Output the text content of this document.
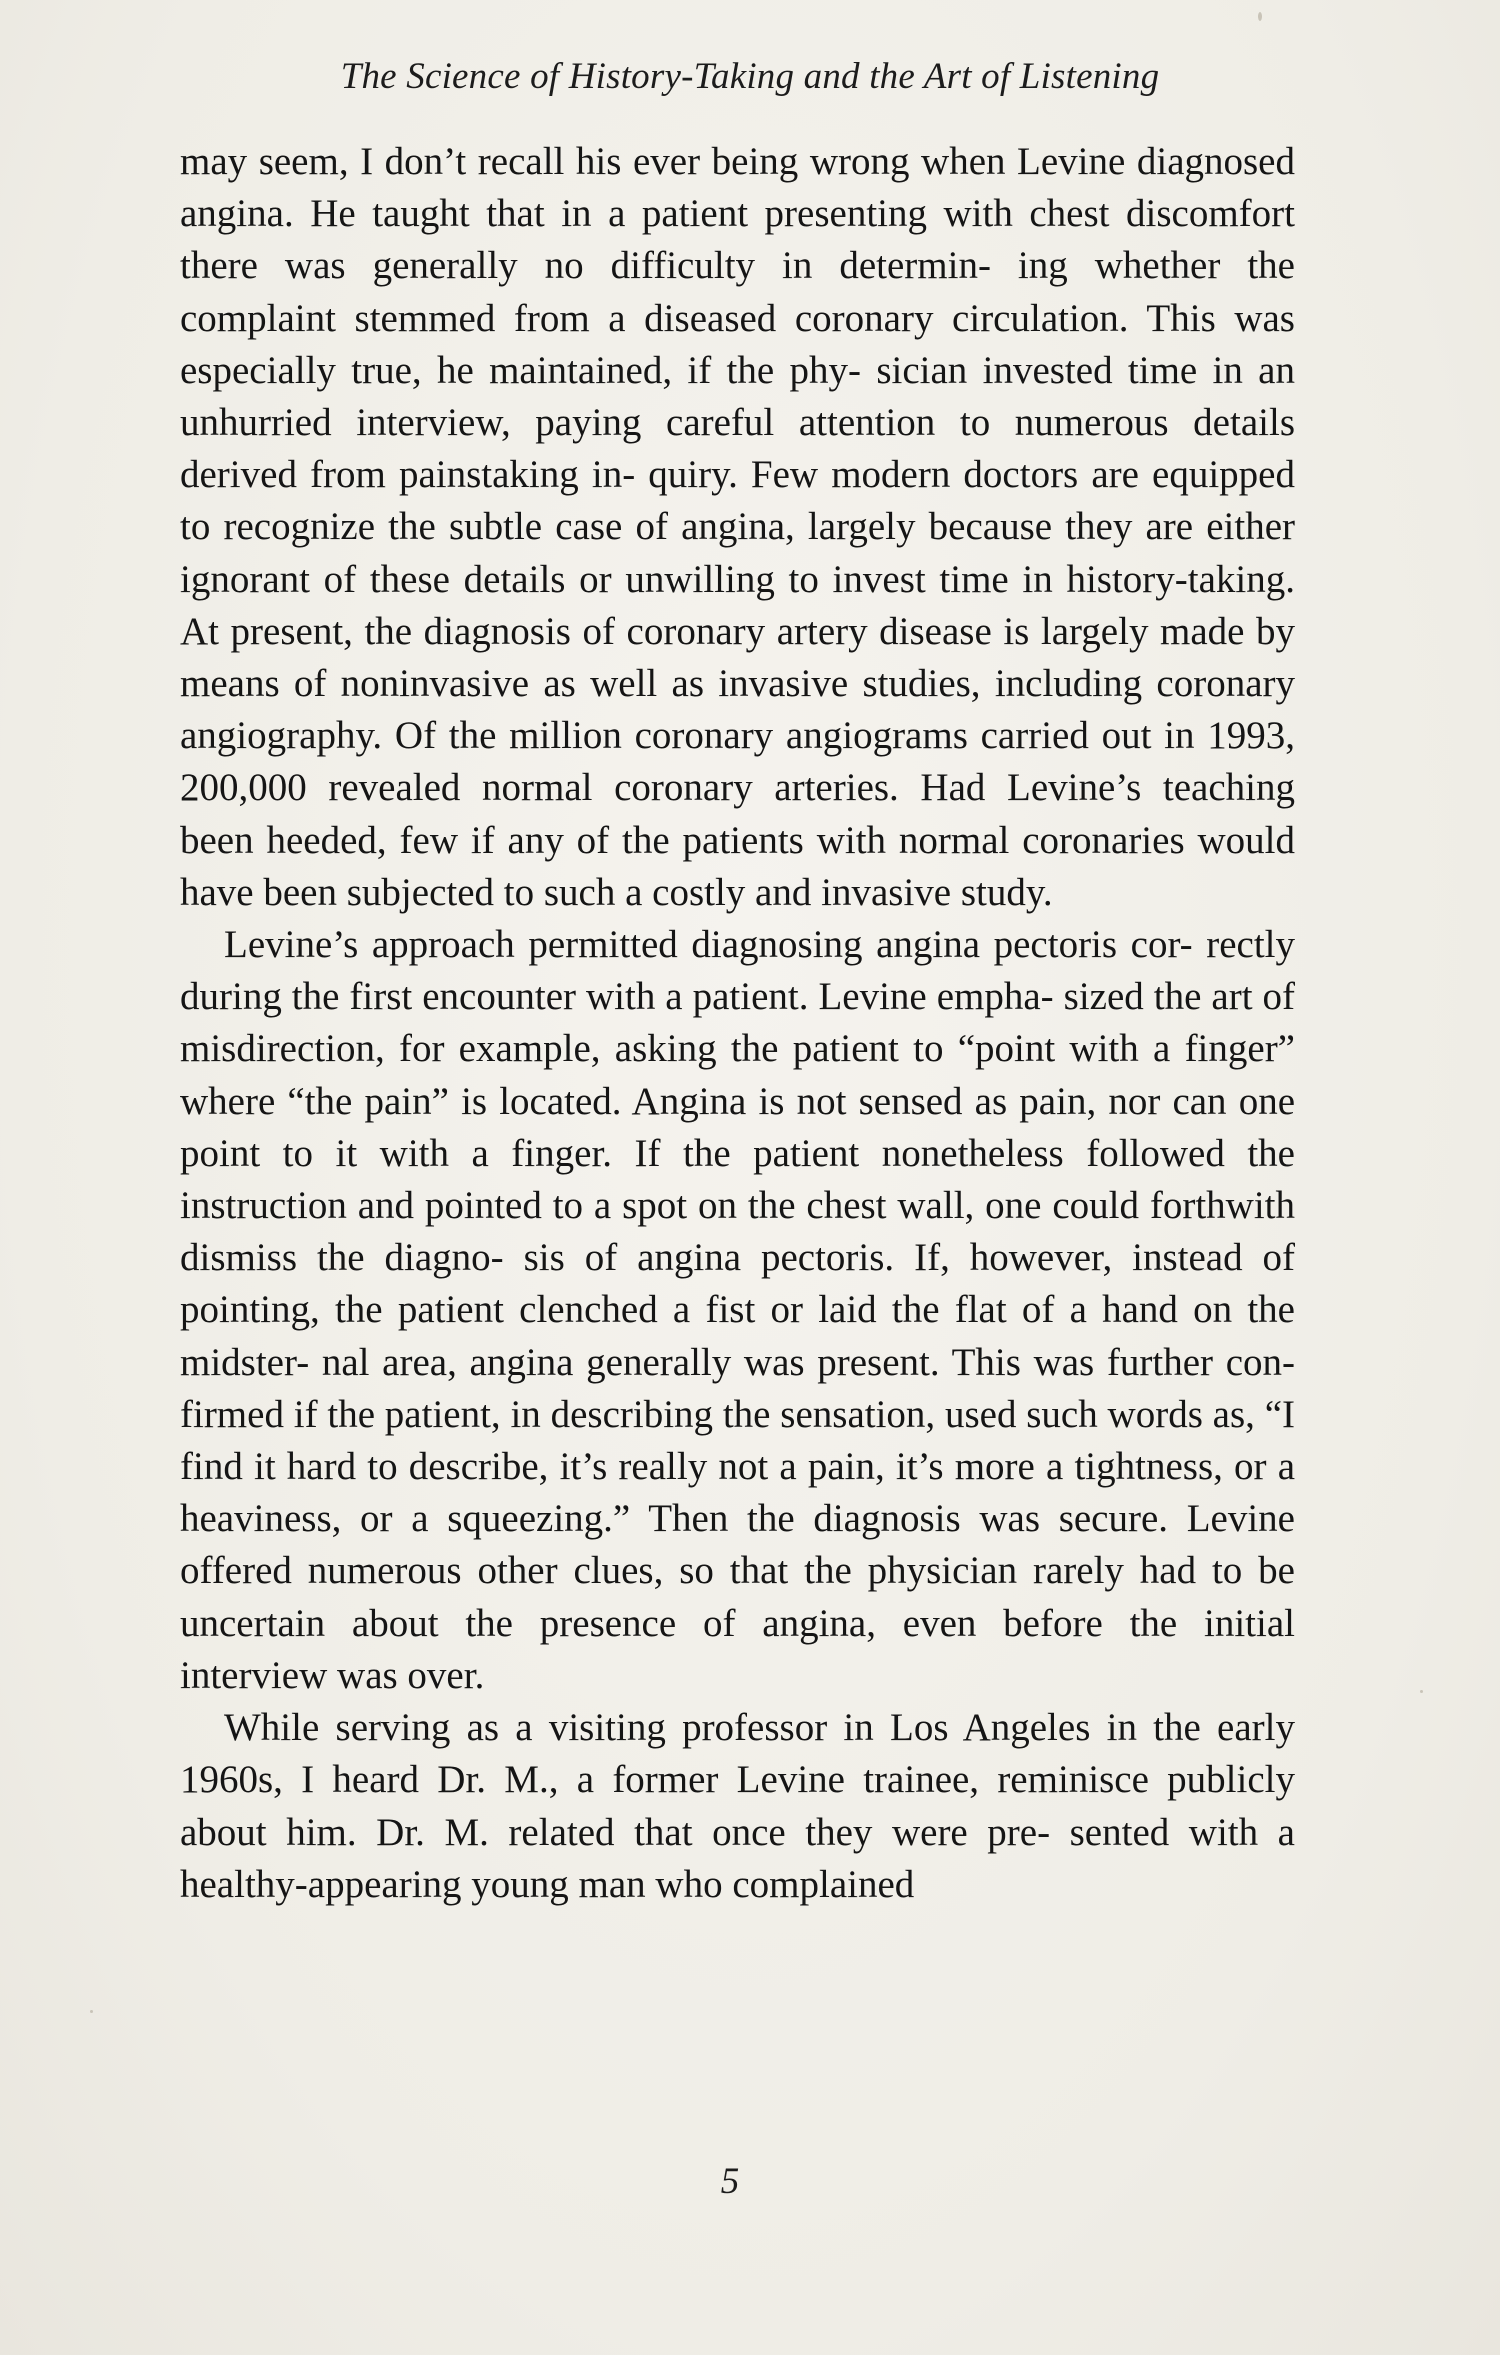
The Science of History-Taking and the Art of Listening

may seem, I don’t recall his ever being wrong when Levine diagnosed angina. He taught that in a patient presenting with chest discomfort there was generally no difficulty in determin- ing whether the complaint stemmed from a diseased coronary circulation. This was especially true, he maintained, if the phy- sician invested time in an unhurried interview, paying careful attention to numerous details derived from painstaking in- quiry. Few modern doctors are equipped to recognize the subtle case of angina, largely because they are either ignorant of these details or unwilling to invest time in history-taking. At present, the diagnosis of coronary artery disease is largely made by means of noninvasive as well as invasive studies, including coronary angiography. Of the million coronary angiograms carried out in 1993, 200,000 revealed normal coronary arteries. Had Levine’s teaching been heeded, few if any of the patients with normal coronaries would have been subjected to such a costly and invasive study.

Levine’s approach permitted diagnosing angina pectoris cor- rectly during the first encounter with a patient. Levine empha- sized the art of misdirection, for example, asking the patient to “point with a finger” where “the pain” is located. Angina is not sensed as pain, nor can one point to it with a finger. If the patient nonetheless followed the instruction and pointed to a spot on the chest wall, one could forthwith dismiss the diagno- sis of angina pectoris. If, however, instead of pointing, the patient clenched a fist or laid the flat of a hand on the midster- nal area, angina generally was present. This was further con- firmed if the patient, in describing the sensation, used such words as, “I find it hard to describe, it’s really not a pain, it’s more a tightness, or a heaviness, or a squeezing.” Then the diagnosis was secure. Levine offered numerous other clues, so that the physician rarely had to be uncertain about the presence of angina, even before the initial interview was over.

While serving as a visiting professor in Los Angeles in the early 1960s, I heard Dr. M., a former Levine trainee, reminisce publicly about him. Dr. M. related that once they were pre- sented with a healthy-appearing young man who complained

5
